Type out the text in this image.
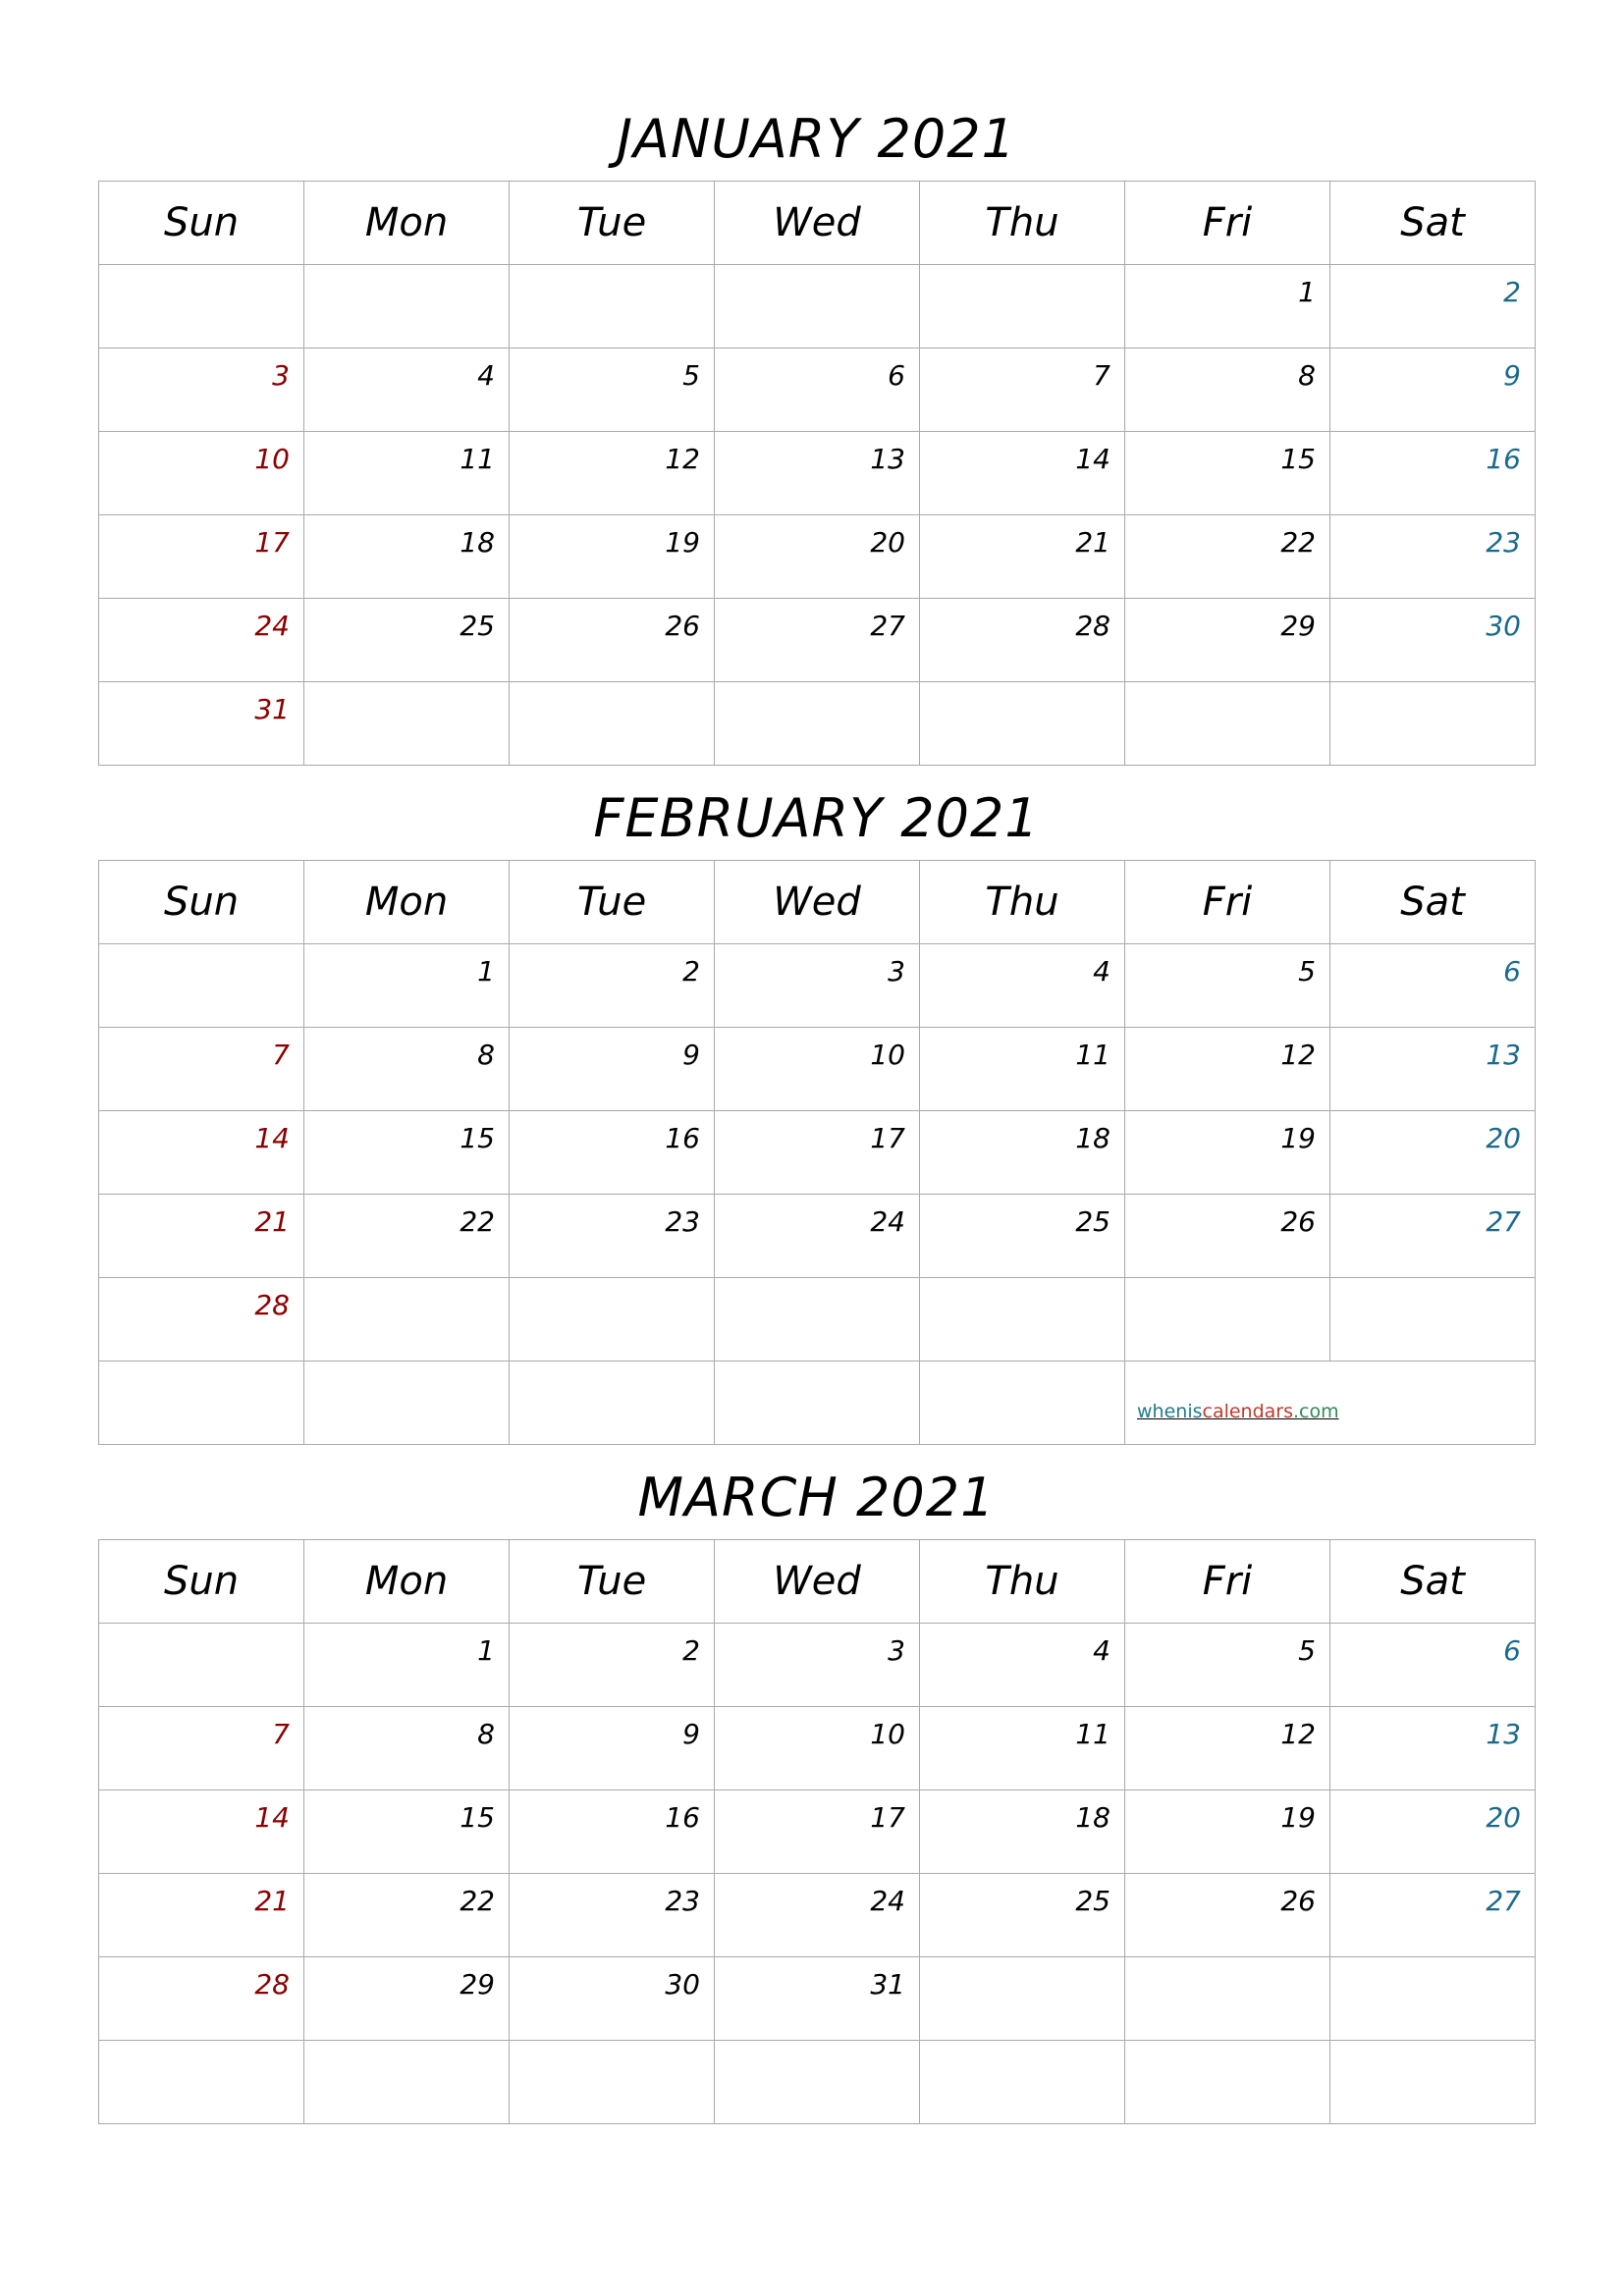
JANUARY 2021
Sun	Mon	Tue	Wed	Thu	Fri	Sat

					1	2

3	4	5	6	7	8	9

10	11	12	13	14	15	16

17	18	19	20	21	22	23

24	25	26	27	28	29	30

31						

FEBRUARY 2021
Sun	Mon	Tue	Wed	Thu	Fri	Sat

	1	2	3	4	5	6

7	8	9	10	11	12	13

14	15	16	17	18	19	20

21	22	23	24	25	26	27

28						

					wheniscalendars.com	
MARCH 2021
Sun	Mon	Tue	Wed	Thu	Fri	Sat

	1	2	3	4	5	6

7	8	9	10	11	12	13

14	15	16	17	18	19	20

21	22	23	24	25	26	27

28	29	30	31			
